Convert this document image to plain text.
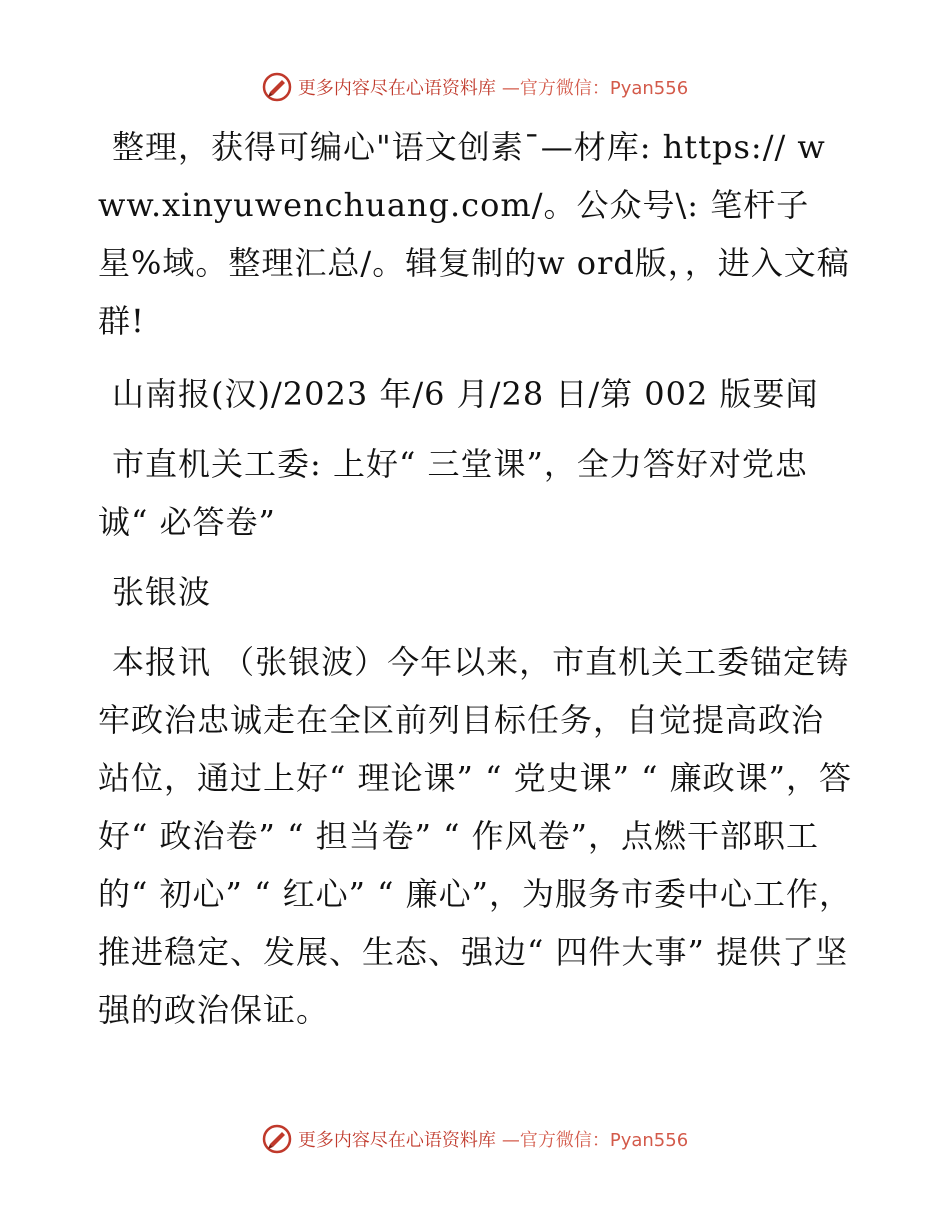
更多内容尽在心语资料库 —官方微信：Pyan556

整理，获得可编心"语文创素¯—材库: https:// www.xinyuwenchuang.com/。公众号\: 笔杆子星%域。整理汇总/。辑复制的w ord版，，进入文稿群!

山南报(汉)/2023 年/6 月/28 日/第 002 版要闻

市直机关工委: 上好“ 三堂课”，全力答好对党忠诚“ 必答卷”

张银波

本报讯 （张银波）今年以来，市直机关工委锚定铸牢政治忠诚走在全区前列目标任务，自觉提高政治站位，通过上好“ 理论课” “ 党史课” “ 廉政课”，答好“ 政治卷” “ 担当卷” “ 作风卷”，点燃干部职工的“ 初心” “ 红心” “ 廉心”，为服务市委中心工作，推进稳定、发展、生态、强边“ 四件大事” 提供了坚强的政治保证。

更多内容尽在心语资料库 —官方微信：Pyan556
